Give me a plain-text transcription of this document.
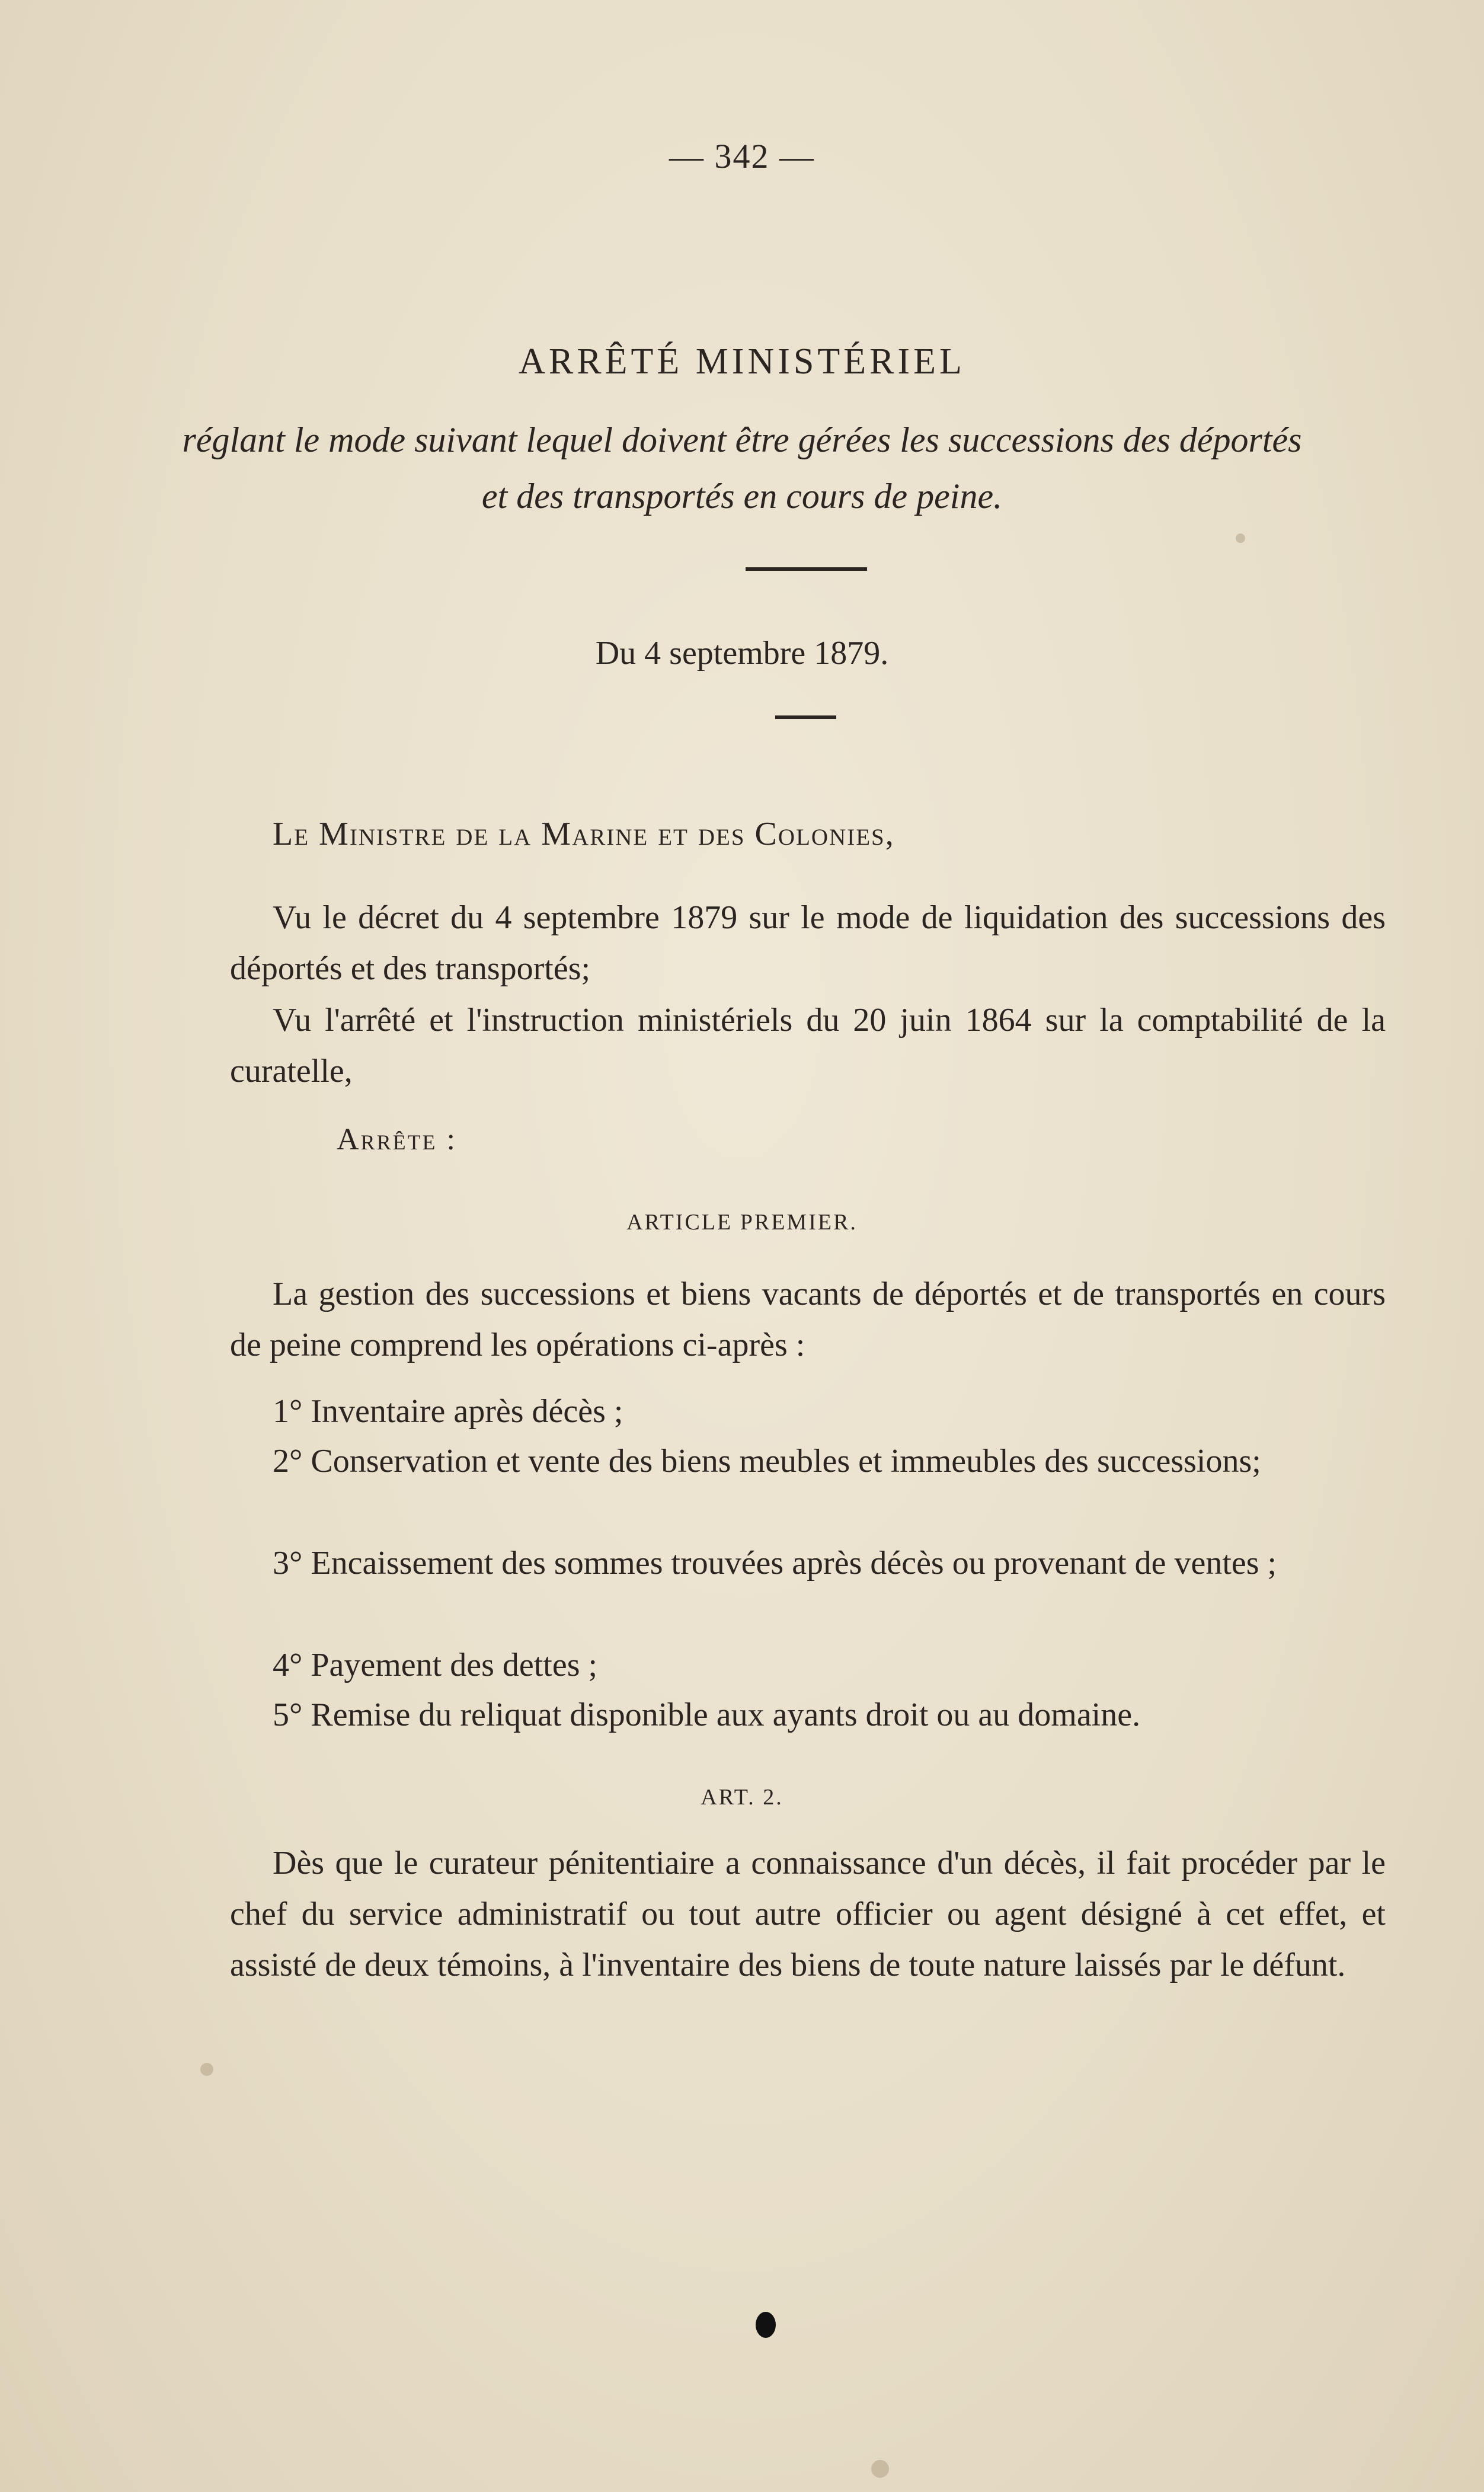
— 342 —
ARRÊTÉ MINISTÉRIEL
réglant le mode suivant lequel doivent être gérées les successions des déportés et des transportés en cours de peine.
Du 4 septembre 1879.
Le Ministre de la Marine et des Colonies,
Vu le décret du 4 septembre 1879 sur le mode de liquidation des successions des déportés et des transportés;
Vu l'arrêté et l'instruction ministériels du 20 juin 1864 sur la comptabilité de la curatelle,
Arrête :
ARTICLE PREMIER.
La gestion des successions et biens vacants de déportés et de transportés en cours de peine comprend les opérations ci-après :
1° Inventaire après décès ;
2° Conservation et vente des biens meubles et immeubles des successions;
3° Encaissement des sommes trouvées après décès ou provenant de ventes ;
4° Payement des dettes ;
5° Remise du reliquat disponible aux ayants droit ou au domaine.
ART. 2.
Dès que le curateur pénitentiaire a connaissance d'un décès, il fait procéder par le chef du service administratif ou tout autre officier ou agent désigné à cet effet, et assisté de deux témoins, à l'inventaire des biens de toute nature laissés par le défunt.
